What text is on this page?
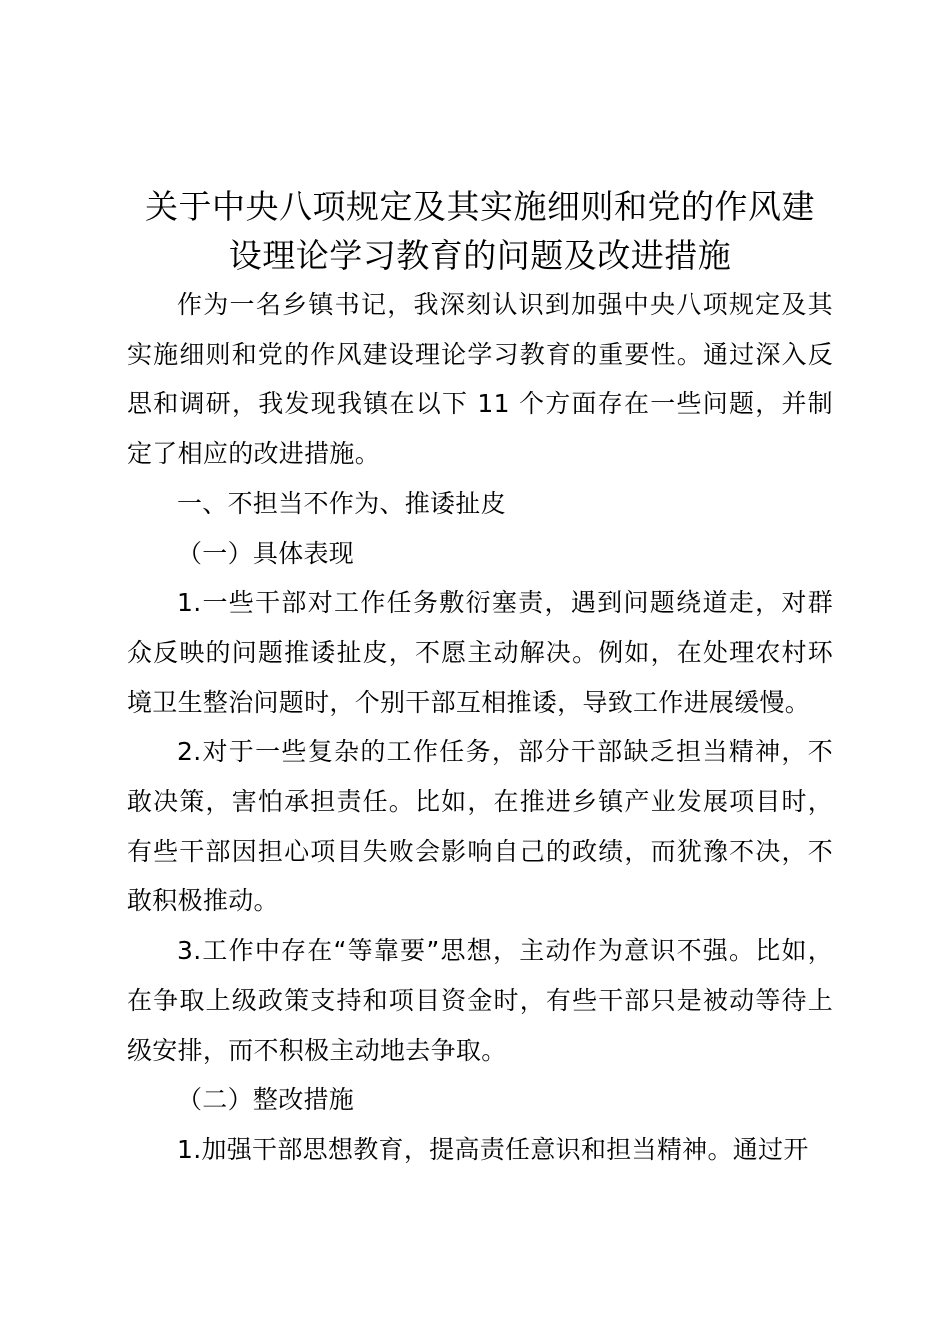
关于中央八项规定及其实施细则和党的作风建
设理论学习教育的问题及改进措施

作为一名乡镇书记，我深刻认识到加强中央八项规定及其实施细则和党的作风建设理论学习教育的重要性。通过深入反思和调研，我发现我镇在以下 11 个方面存在一些问题，并制定了相应的改进措施。

一、不担当不作为、推诿扯皮

（一）具体表现

1.一些干部对工作任务敷衍塞责，遇到问题绕道走，对群众反映的问题推诿扯皮，不愿主动解决。例如，在处理农村环境卫生整治问题时，个别干部互相推诿，导致工作进展缓慢。

2.对于一些复杂的工作任务，部分干部缺乏担当精神，不敢决策，害怕承担责任。比如，在推进乡镇产业发展项目时，有些干部因担心项目失败会影响自己的政绩，而犹豫不决，不敢积极推动。

3.工作中存在“等靠要”思想，主动作为意识不强。比如，在争取上级政策支持和项目资金时，有些干部只是被动等待上级安排，而不积极主动地去争取。

（二）整改措施

1.加强干部思想教育，提高责任意识和担当精神。通过开
